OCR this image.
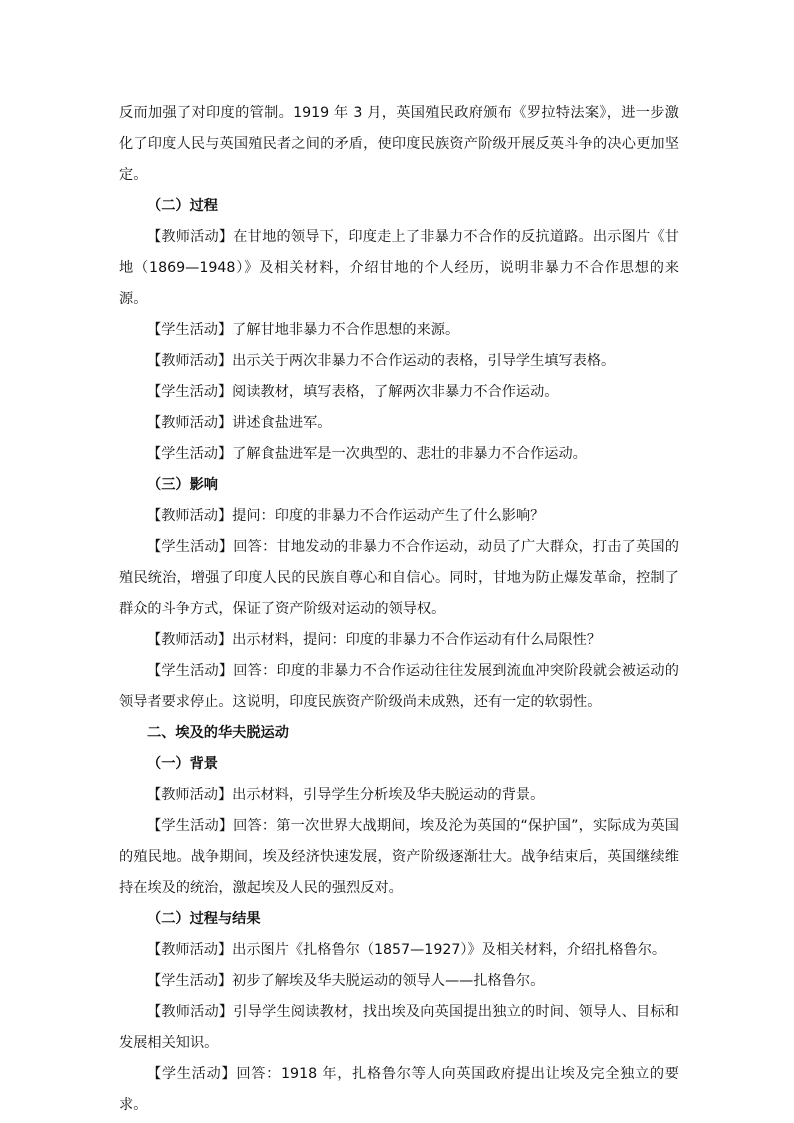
反而加强了对印度的管制。1919 年 3 月，英国殖民政府颁布《罗拉特法案》，进一步激化了印度人民与英国殖民者之间的矛盾，使印度民族资产阶级开展反英斗争的决心更加坚定。

（二）过程

【教师活动】在甘地的领导下，印度走上了非暴力不合作的反抗道路。出示图片《甘地（1869—1948）》及相关材料，介绍甘地的个人经历，说明非暴力不合作思想的来源。

【学生活动】了解甘地非暴力不合作思想的来源。

【教师活动】出示关于两次非暴力不合作运动的表格，引导学生填写表格。

【学生活动】阅读教材，填写表格，了解两次非暴力不合作运动。

【教师活动】讲述食盐进军。

【学生活动】了解食盐进军是一次典型的、悲壮的非暴力不合作运动。

（三）影响

【教师活动】提问：印度的非暴力不合作运动产生了什么影响？

【学生活动】回答：甘地发动的非暴力不合作运动，动员了广大群众，打击了英国的殖民统治，增强了印度人民的民族自尊心和自信心。同时，甘地为防止爆发革命，控制了群众的斗争方式，保证了资产阶级对运动的领导权。

【教师活动】出示材料，提问：印度的非暴力不合作运动有什么局限性？

【学生活动】回答：印度的非暴力不合作运动往往发展到流血冲突阶段就会被运动的领导者要求停止。这说明，印度民族资产阶级尚未成熟，还有一定的软弱性。

二、埃及的华夫脱运动

（一）背景

【教师活动】出示材料，引导学生分析埃及华夫脱运动的背景。

【学生活动】回答：第一次世界大战期间，埃及沦为英国的“保护国”，实际成为英国的殖民地。战争期间，埃及经济快速发展，资产阶级逐渐壮大。战争结束后，英国继续维持在埃及的统治，激起埃及人民的强烈反对。

（二）过程与结果

【教师活动】出示图片《扎格鲁尔（1857—1927）》及相关材料，介绍扎格鲁尔。

【学生活动】初步了解埃及华夫脱运动的领导人——扎格鲁尔。

【教师活动】引导学生阅读教材，找出埃及向英国提出独立的时间、领导人、目标和发展相关知识。

【学生活动】回答：1918 年，扎格鲁尔等人向英国政府提出让埃及完全独立的要求。
